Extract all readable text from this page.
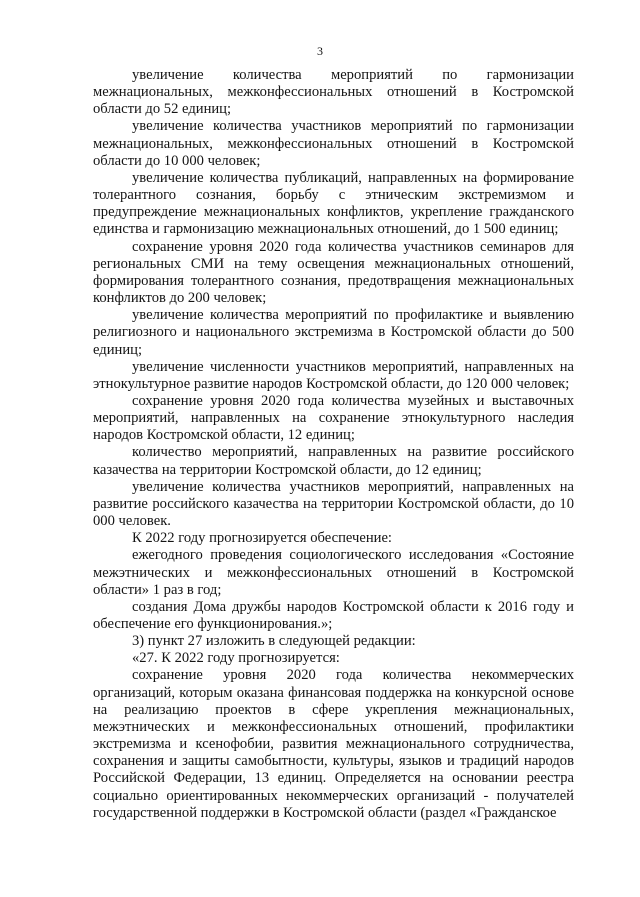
3

увеличение количества мероприятий по гармонизации межнациональных, межконфессиональных отношений в Костромской области до 52 единиц;

увеличение количества участников мероприятий по гармонизации межнациональных, межконфессиональных отношений в Костромской области до 10 000 человек;

увеличение количества публикаций, направленных на формирование толерантного сознания, борьбу с этническим экстремизмом и предупреждение межнациональных конфликтов, укрепление гражданского единства и гармонизацию межнациональных отношений, до 1 500 единиц;

сохранение уровня 2020 года количества участников семинаров для региональных СМИ на тему освещения межнациональных отношений, формирования толерантного сознания, предотвращения межнациональных конфликтов до 200 человек;

увеличение количества мероприятий по профилактике и выявлению религиозного и национального экстремизма в Костромской области до 500 единиц;

увеличение численности участников мероприятий, направленных на этнокультурное развитие народов Костромской области, до 120 000 человек;

сохранение уровня 2020 года количества музейных и выставочных мероприятий, направленных на сохранение этнокультурного наследия народов Костромской области, 12 единиц;

количество мероприятий, направленных на развитие российского казачества на территории Костромской области, до 12 единиц;

увеличение количества участников мероприятий, направленных на развитие российского казачества на территории Костромской области, до 10 000 человек.

К 2022 году прогнозируется обеспечение:

ежегодного проведения социологического исследования «Состояние межэтнических и межконфессиональных отношений в Костромской области» 1 раз в год;

создания Дома дружбы народов Костромской области к 2016 году и обеспечение его функционирования.»;

3) пункт 27 изложить в следующей редакции:

«27. К 2022 году прогнозируется:

сохранение уровня 2020 года количества некоммерческих организаций, которым оказана финансовая поддержка на конкурсной основе на реализацию проектов в сфере укрепления межнациональных, межэтнических и межконфессиональных отношений, профилактики экстремизма и ксенофобии, развития межнационального сотрудничества, сохранения и защиты самобытности, культуры, языков и традиций народов Российской Федерации, 13 единиц. Определяется на основании реестра социально ориентированных некоммерческих организаций - получателей государственной поддержки в Костромской области (раздел «Гражданское
